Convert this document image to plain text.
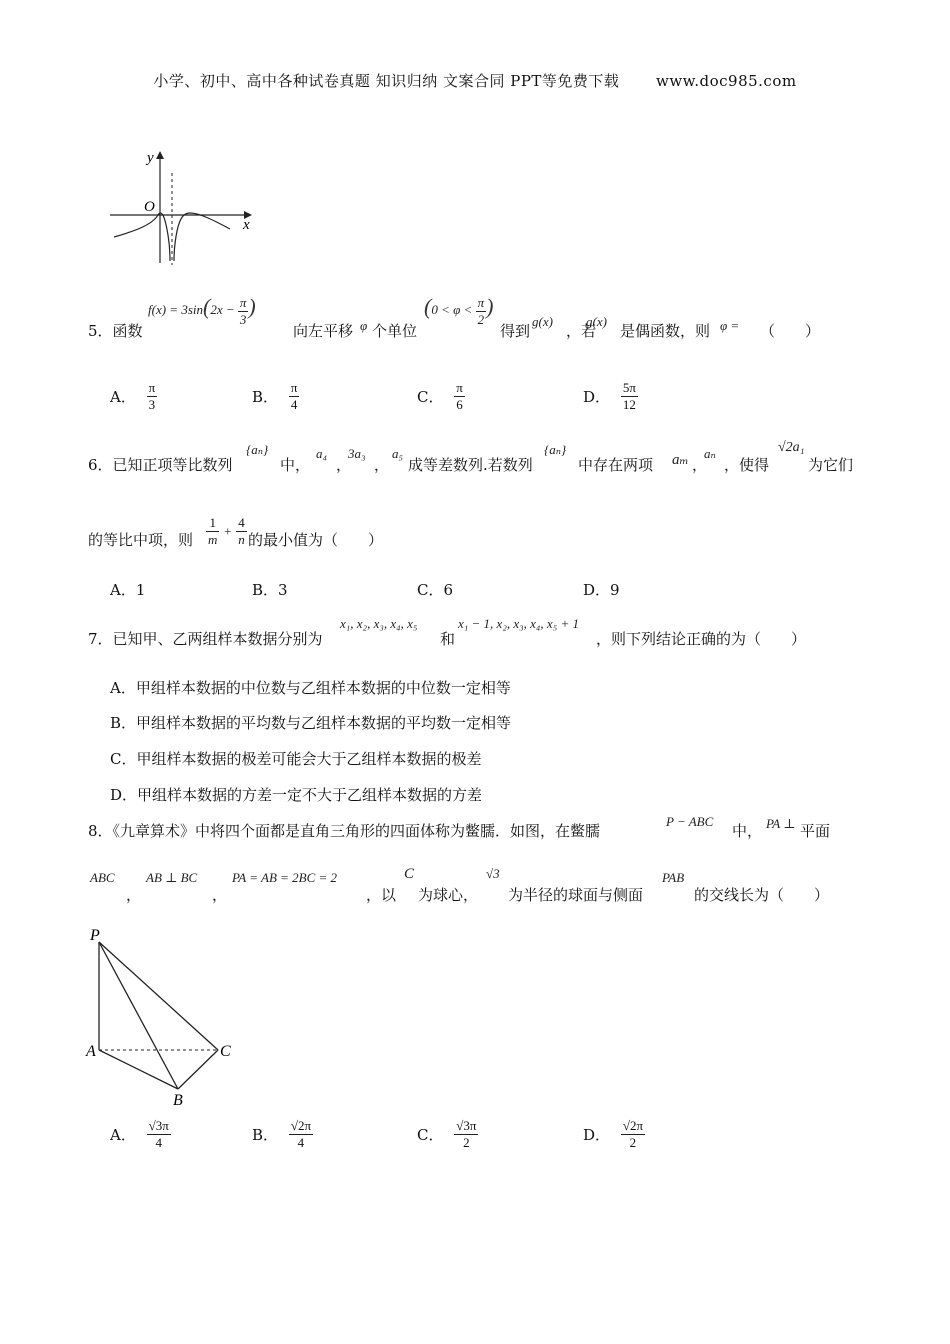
小学、初中、高中各种试卷真题 知识归纳 文案合同 PPT等免费下载 www.doc985.com
y
x
O
5．函数
$f(x) = 3\sin(2x - \frac{\pi}{3}$ )
向左平移 φ 个单位
($0 < \varphi < \frac{\pi}{2}$ )
得到
g(x)
，若
g(x)
是偶函数，则 φ = （　　）
A． $\frac{\pi}{3}$	B． $\frac{\pi}{4}$	C． $\frac{\pi}{6}$	D． $\frac{5\pi}{12}$
6．已知正项等比数列
{aₙ}
中，
a₄
，
3a₃
，
a₅
成等差数列.若数列
{aₙ}
中存在两项 aₘ ，
aₙ
，使得
√2a₁
为它们
的等比中项，则 $\frac{1}{m} + \frac{4}{n}$ 的最小值为（　　）
A．1	B．3	C．6	D．9
7．已知甲、乙两组样本数据分别为
x₁, x₂, x₃, x₄, x₅
和
x₁ − 1, x₂, x₃, x₄, x₅ + 1
，则下列结论正确的为（　　）
A．甲组样本数据的中位数与乙组样本数据的中位数一定相等
B．甲组样本数据的平均数与乙组样本数据的平均数一定相等
C．甲组样本数据的极差可能会大于乙组样本数据的极差
D．甲组样本数据的方差一定不大于乙组样本数据的方差
8．《九章算术》中将四个面都是直角三角形的四面体称为鳖臑．如图，在鳖臑
P − ABC
中， PA ⊥ 平面
ABC
，
AB ⊥ BC
，
PA = AB = 2BC = 2
，以
C
为球心，
√3
为半径的球面与侧面
PAB
的交线长为（　　）
P
A
B
C
A． $\frac{√3\pi}{4}$	B． $\frac{√2\pi}{4}$	C． $\frac{√3\pi}{2}$	D． $\frac{√2\pi}{2}$
